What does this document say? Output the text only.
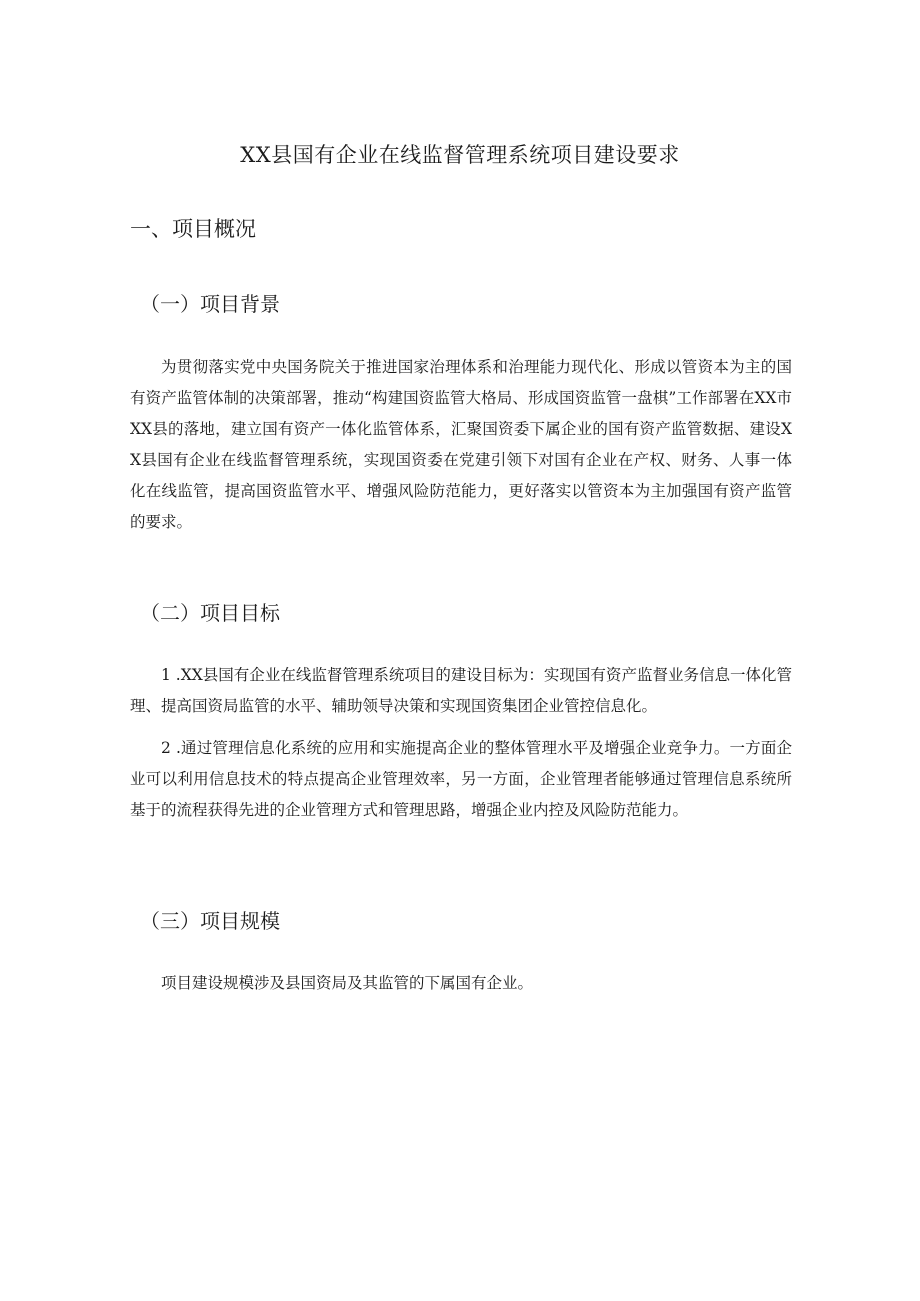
XX县国有企业在线监督管理系统项目建设要求
一、项目概况
（一）项目背景

为贯彻落实党中央国务院关于推进国家治理体系和治理能力现代化、形成以管资本为主的国有资产监管体制的决策部署，推动“构建国资监管大格局、形成国资监管一盘棋”工作部署在XX市XX县的落地，建立国有资产一体化监管体系，汇聚国资委下属企业的国有资产监管数据、建设XX县国有企业在线监督管理系统，实现国资委在党建引领下对国有企业在产权、财务、人事一体化在线监管，提高国资监管水平、增强风险防范能力，更好落实以管资本为主加强国有资产监管的要求。

（二）项目目标

1 .XX县国有企业在线监督管理系统项目的建设目标为：实现国有资产监督业务信息一体化管理、提高国资局监管的水平、辅助领导决策和实现国资集团企业管控信息化。

2 .通过管理信息化系统的应用和实施提高企业的整体管理水平及增强企业竞争力。一方面企业可以利用信息技术的特点提高企业管理效率，另一方面，企业管理者能够通过管理信息系统所基于的流程获得先进的企业管理方式和管理思路，增强企业内控及风险防范能力。

（三）项目规模

项目建设规模涉及县国资局及其监管的下属国有企业。
